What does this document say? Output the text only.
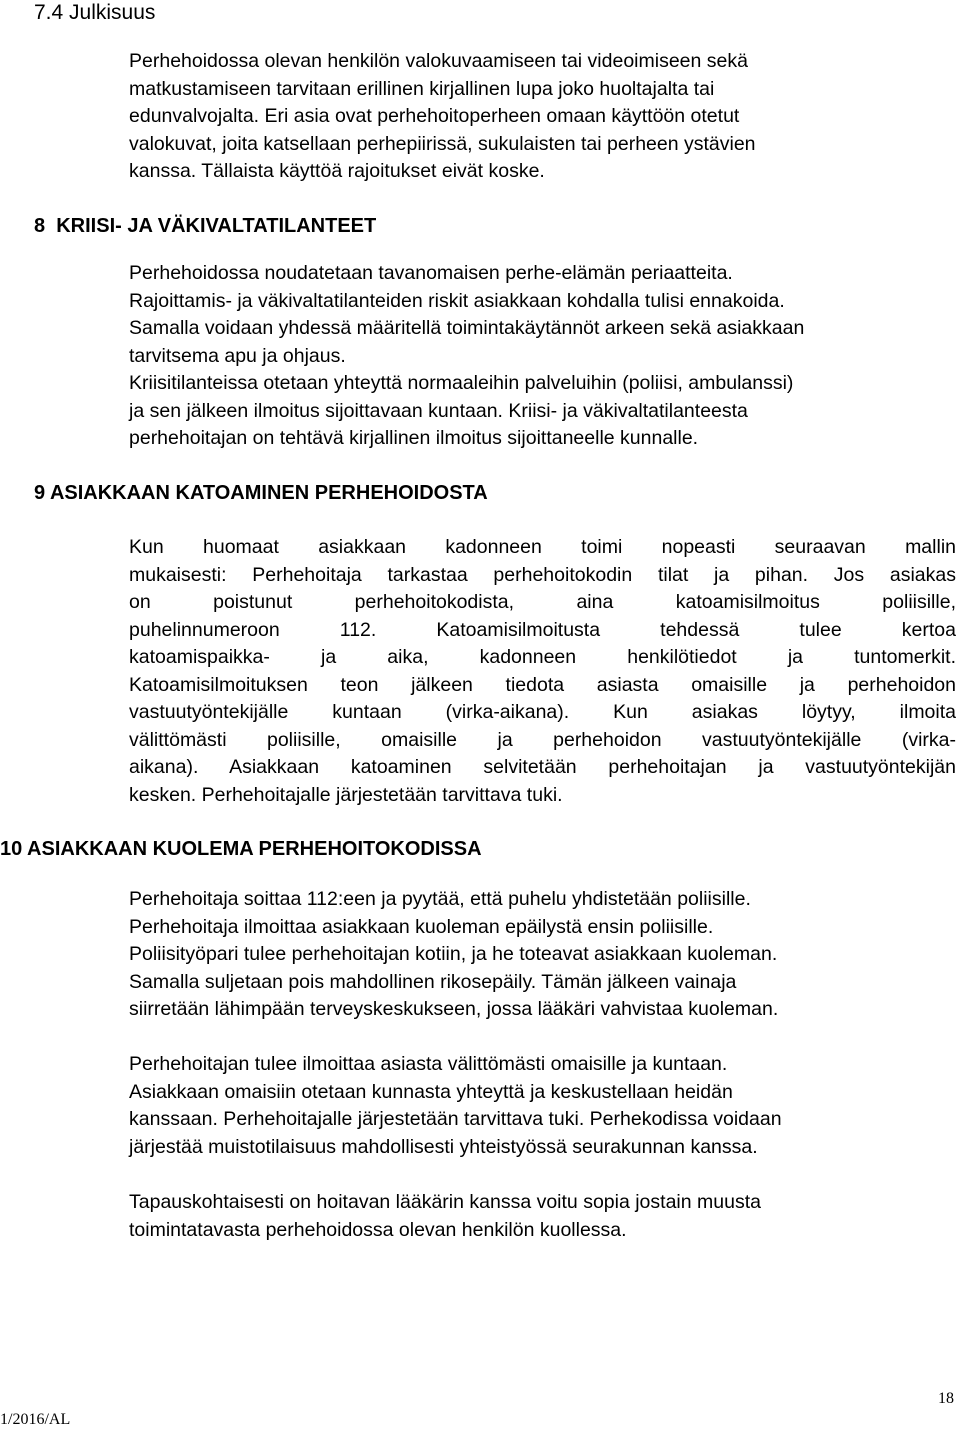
7.4 Julkisuus

Perhehoidossa olevan henkilön valokuvaamiseen tai videoimiseen sekä
matkustamiseen tarvitaan erillinen kirjallinen lupa joko huoltajalta tai
edunvalvojalta. Eri asia ovat perhehoitoperheen omaan käyttöön otetut
valokuvat, joita katsellaan perhepiirissä, sukulaisten tai perheen ystävien
kanssa. Tällaista käyttöä rajoitukset eivät koske.

8  KRIISI- JA VÄKIVALTATILANTEET

Perhehoidossa noudatetaan tavanomaisen perhe-elämän periaatteita.
Rajoittamis- ja väkivaltatilanteiden riskit asiakkaan kohdalla tulisi ennakoida.
Samalla voidaan yhdessä määritellä toimintakäytännöt arkeen sekä asiakkaan
tarvitsema apu ja ohjaus.
Kriisitilanteissa otetaan yhteyttä normaaleihin palveluihin (poliisi, ambulanssi)
ja sen jälkeen ilmoitus sijoittavaan kuntaan. Kriisi- ja väkivaltatilanteesta
perhehoitajan on tehtävä kirjallinen ilmoitus sijoittaneelle kunnalle.

9 ASIAKKAAN KATOAMINEN PERHEHOIDOSTA

Kun huomaat asiakkaan kadonneen toimi nopeasti seuraavan mallin
mukaisesti: Perhehoitaja tarkastaa perhehoitokodin tilat ja pihan. Jos asiakas
on poistunut perhehoitokodista, aina katoamisilmoitus poliisille,
puhelinnumeroon 112. Katoamisilmoitusta tehdessä tulee kertoa
katoamispaikka- ja aika, kadonneen henkilötiedot ja tuntomerkit.
Katoamisilmoituksen teon jälkeen tiedota asiasta omaisille ja perhehoidon
vastuutyöntekijälle kuntaan (virka-aikana). Kun asiakas löytyy, ilmoita
välittömästi poliisille, omaisille ja perhehoidon vastuutyöntekijälle (virka-
aikana). Asiakkaan katoaminen selvitetään perhehoitajan ja vastuutyöntekijän
kesken. Perhehoitajalle järjestetään tarvittava tuki.

10 ASIAKKAAN KUOLEMA PERHEHOITOKODISSA

Perhehoitaja soittaa 112:een ja pyytää, että puhelu yhdistetään poliisille.
Perhehoitaja ilmoittaa asiakkaan kuoleman epäilystä ensin poliisille.
Poliisityöpari tulee perhehoitajan kotiin, ja he toteavat asiakkaan kuoleman.
Samalla suljetaan pois mahdollinen rikosepäily. Tämän jälkeen vainaja
siirretään lähimpään terveyskeskukseen, jossa lääkäri vahvistaa kuoleman.

Perhehoitajan tulee ilmoittaa asiasta välittömästi omaisille ja kuntaan.
Asiakkaan omaisiin otetaan kunnasta yhteyttä ja keskustellaan heidän
kanssaan. Perhehoitajalle järjestetään tarvittava tuki. Perhekodissa voidaan
järjestää muistotilaisuus mahdollisesti yhteistyössä seurakunnan kanssa.

Tapauskohtaisesti on hoitavan lääkärin kanssa voitu sopia jostain muusta
toimintatavasta perhehoidossa olevan henkilön kuollessa.

1/2016/AL
18
